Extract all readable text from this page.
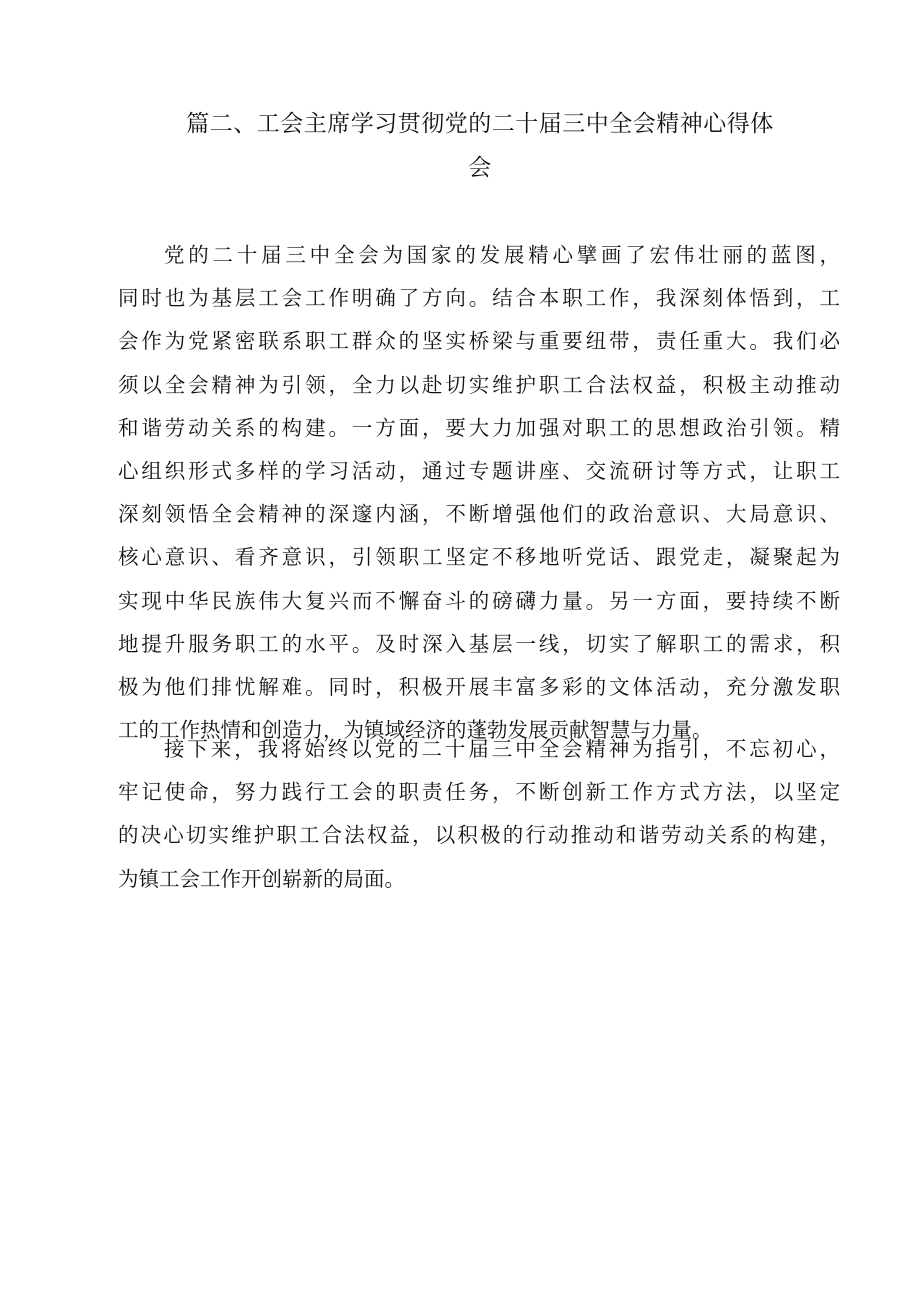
篇二、工会主席学习贯彻党的二十届三中全会精神心得体
会
党的二十届三中全会为国家的发展精心擘画了宏伟壮丽的蓝图，
同时也为基层工会工作明确了方向。结合本职工作，我深刻体悟到，工
会作为党紧密联系职工群众的坚实桥梁与重要纽带，责任重大。我们必
须以全会精神为引领，全力以赴切实维护职工合法权益，积极主动推动
和谐劳动关系的构建。一方面，要大力加强对职工的思想政治引领。精
心组织形式多样的学习活动，通过专题讲座、交流研讨等方式，让职工
深刻领悟全会精神的深邃内涵，不断增强他们的政治意识、大局意识、
核心意识、看齐意识，引领职工坚定不移地听党话、跟党走，凝聚起为
实现中华民族伟大复兴而不懈奋斗的磅礴力量。另一方面，要持续不断
地提升服务职工的水平。及时深入基层一线，切实了解职工的需求，积
极为他们排忧解难。同时，积极开展丰富多彩的文体活动，充分激发职
工的工作热情和创造力，为镇域经济的蓬勃发展贡献智慧与力量。
接下来，我将始终以党的二十届三中全会精神为指引，不忘初心，
牢记使命，努力践行工会的职责任务，不断创新工作方式方法，以坚定
的决心切实维护职工合法权益，以积极的行动推动和谐劳动关系的构建，
为镇工会工作开创崭新的局面。
